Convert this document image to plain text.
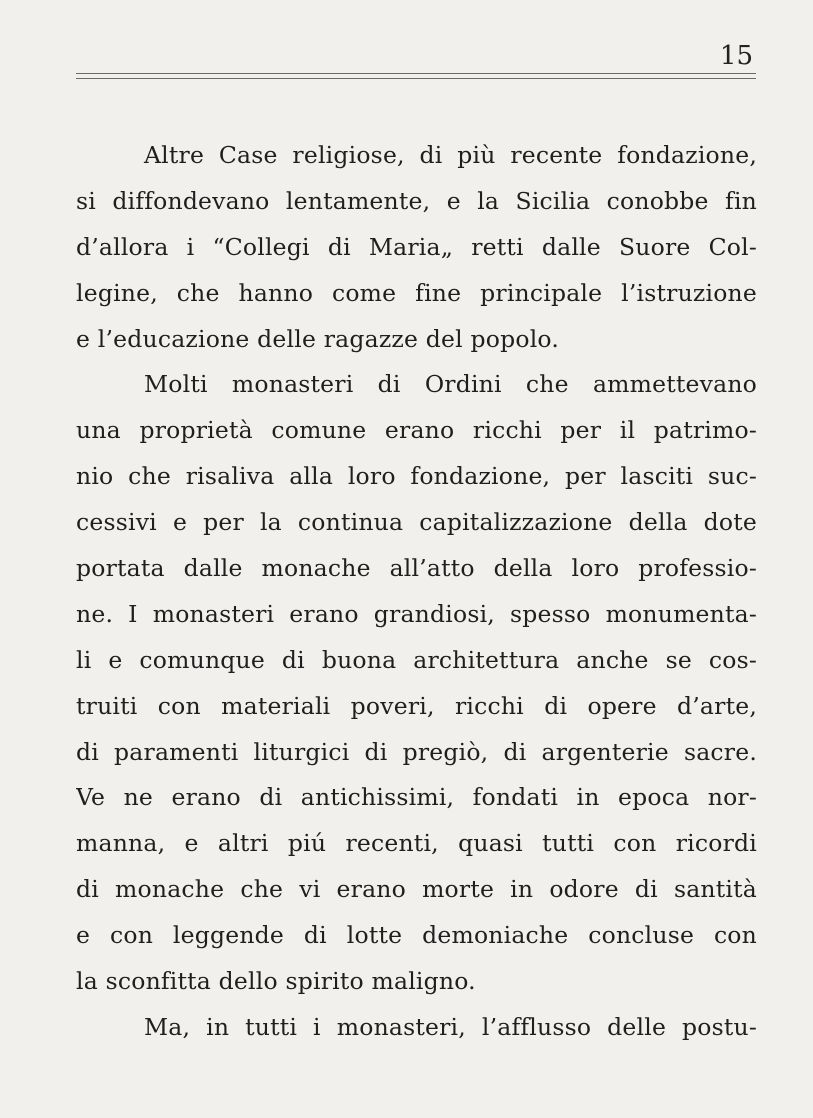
15
Altre Case religiose, di più recente fondazione,
si diffondevano lentamente, e la Sicilia conobbe fin
d’allora i “Collegi di Maria„ retti dalle Suore Col-
legine, che hanno come fine principale l’istruzione
e l’educazione delle ragazze del popolo.
Molti monasteri di Ordini che ammettevano
una proprietà comune erano ricchi per il patrimo-
nio che risaliva alla loro fondazione, per lasciti suc-
cessivi e per la continua capitalizzazione della dote
portata dalle monache all’atto della loro professio-
ne. I monasteri erano grandiosi, spesso monumenta-
li e comunque di buona architettura anche se cos-
truiti con materiali poveri, ricchi di opere d’arte,
di paramenti liturgici di pregiò, di argenterie sacre.
Ve ne erano di antichissimi, fondati in epoca nor-
manna, e altri piú recenti, quasi tutti con ricordi
di monache che vi erano morte in odore di santità
e con leggende di lotte demoniache concluse con
la sconfitta dello spirito maligno.
Ma, in tutti i monasteri, l’afflusso delle postu-
